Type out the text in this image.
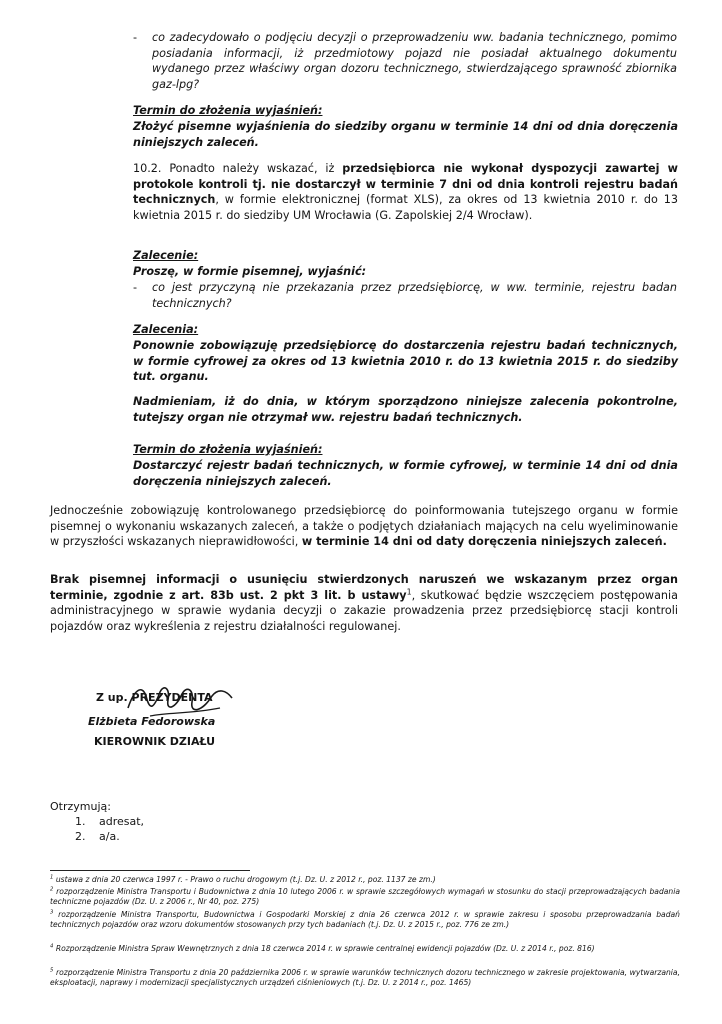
- co zadecydowało o podjęciu decyzji o przeprowadzeniu ww. badania technicznego, pomimo posiadania informacji, iż przedmiotowy pojazd nie posiadał aktualnego dokumentu wydanego przez właściwy organ dozoru technicznego, stwierdzającego sprawność zbiornika gaz-lpg?

Termin do złożenia wyjaśnień:

Złożyć pisemne wyjaśnienia do siedziby organu w terminie 14 dni od dnia doręczenia niniejszych zaleceń.

10.2. Ponadto należy wskazać, iż przedsiębiorca nie wykonał dyspozycji zawartej w protokole kontroli tj. nie dostarczył w terminie 7 dni od dnia kontroli rejestru badań technicznych, w formie elektronicznej (format XLS), za okres od 13 kwietnia 2010 r. do 13 kwietnia 2015 r. do siedziby UM Wrocławia (G. Zapolskiej 2/4 Wrocław).

Zalecenie:

Proszę, w formie pisemnej, wyjaśnić:

- co jest przyczyną nie przekazania przez przedsiębiorcę, w ww. terminie, rejestru badan technicznych?

Zalecenia:

Ponownie zobowiązuję przedsiębiorcę do dostarczenia rejestru badań technicznych, w formie cyfrowej za okres od 13 kwietnia 2010 r. do 13 kwietnia 2015 r. do siedziby tut. organu.

Nadmieniam, iż do dnia, w którym sporządzono niniejsze zalecenia pokontrolne, tutejszy organ nie otrzymał ww. rejestru badań technicznych.

Termin do złożenia wyjaśnień:

Dostarczyć rejestr badań technicznych, w formie cyfrowej, w terminie 14 dni od dnia doręczenia niniejszych zaleceń.

Jednocześnie zobowiązuję kontrolowanego przedsiębiorcę do poinformowania tutejszego organu w formie pisemnej o wykonaniu wskazanych zaleceń, a także o podjętych działaniach mających na celu wyeliminowanie w przyszłości wskazanych nieprawidłowości, w terminie 14 dni od daty doręczenia niniejszych zaleceń.

Brak pisemnej informacji o usunięciu stwierdzonych naruszeń we wskazanym przez organ terminie, zgodnie z art. 83b ust. 2 pkt 3 lit. b ustawy$^1$, skutkować będzie wszczęciem postępowania administracyjnego w sprawie wydania decyzji o zakazie prowadzenia przez przedsiębiorcę stacji kontroli pojazdów oraz wykreślenia z rejestru działalności regulowanej.

Z up. PREZYDENTA
Elżbieta Fedorowska
KIEROWNIK DZIAŁU
Otrzymują:
1. adresat,
2. a/a.

$^1$ ustawa z dnia 20 czerwca 1997 r. - Prawo o ruchu drogowym (t.j. Dz. U. z 2012 r., poz. 1137 ze zm.)

$^2$ rozporządzenie Ministra Transportu i Budownictwa z dnia 10 lutego 2006 r. w sprawie szczegółowych wymagań w stosunku do stacji przeprowadzających badania techniczne pojazdów (Dz. U. z 2006 r., Nr 40, poz. 275)

$^3$ rozporządzenie Ministra Transportu, Budownictwa i Gospodarki Morskiej z dnia 26 czerwca 2012 r. w sprawie zakresu i sposobu przeprowadzania badań technicznych pojazdów oraz wzoru dokumentów stosowanych przy tych badaniach (t.j. Dz. U. z 2015 r., poz. 776 ze zm.)

$^4$ Rozporządzenie Ministra Spraw Wewnętrznych z dnia 18 czerwca 2014 r. w sprawie centralnej ewidencji pojazdów (Dz. U. z 2014 r., poz. 816)

$^5$ rozporządzenie Ministra Transportu z dnia 20 października 2006 r. w sprawie warunków technicznych dozoru technicznego w zakresie projektowania, wytwarzania, eksploatacji, naprawy i modernizacji specjalistycznych urządzeń ciśnieniowych (t.j. Dz. U. z 2014 r., poz. 1465)
